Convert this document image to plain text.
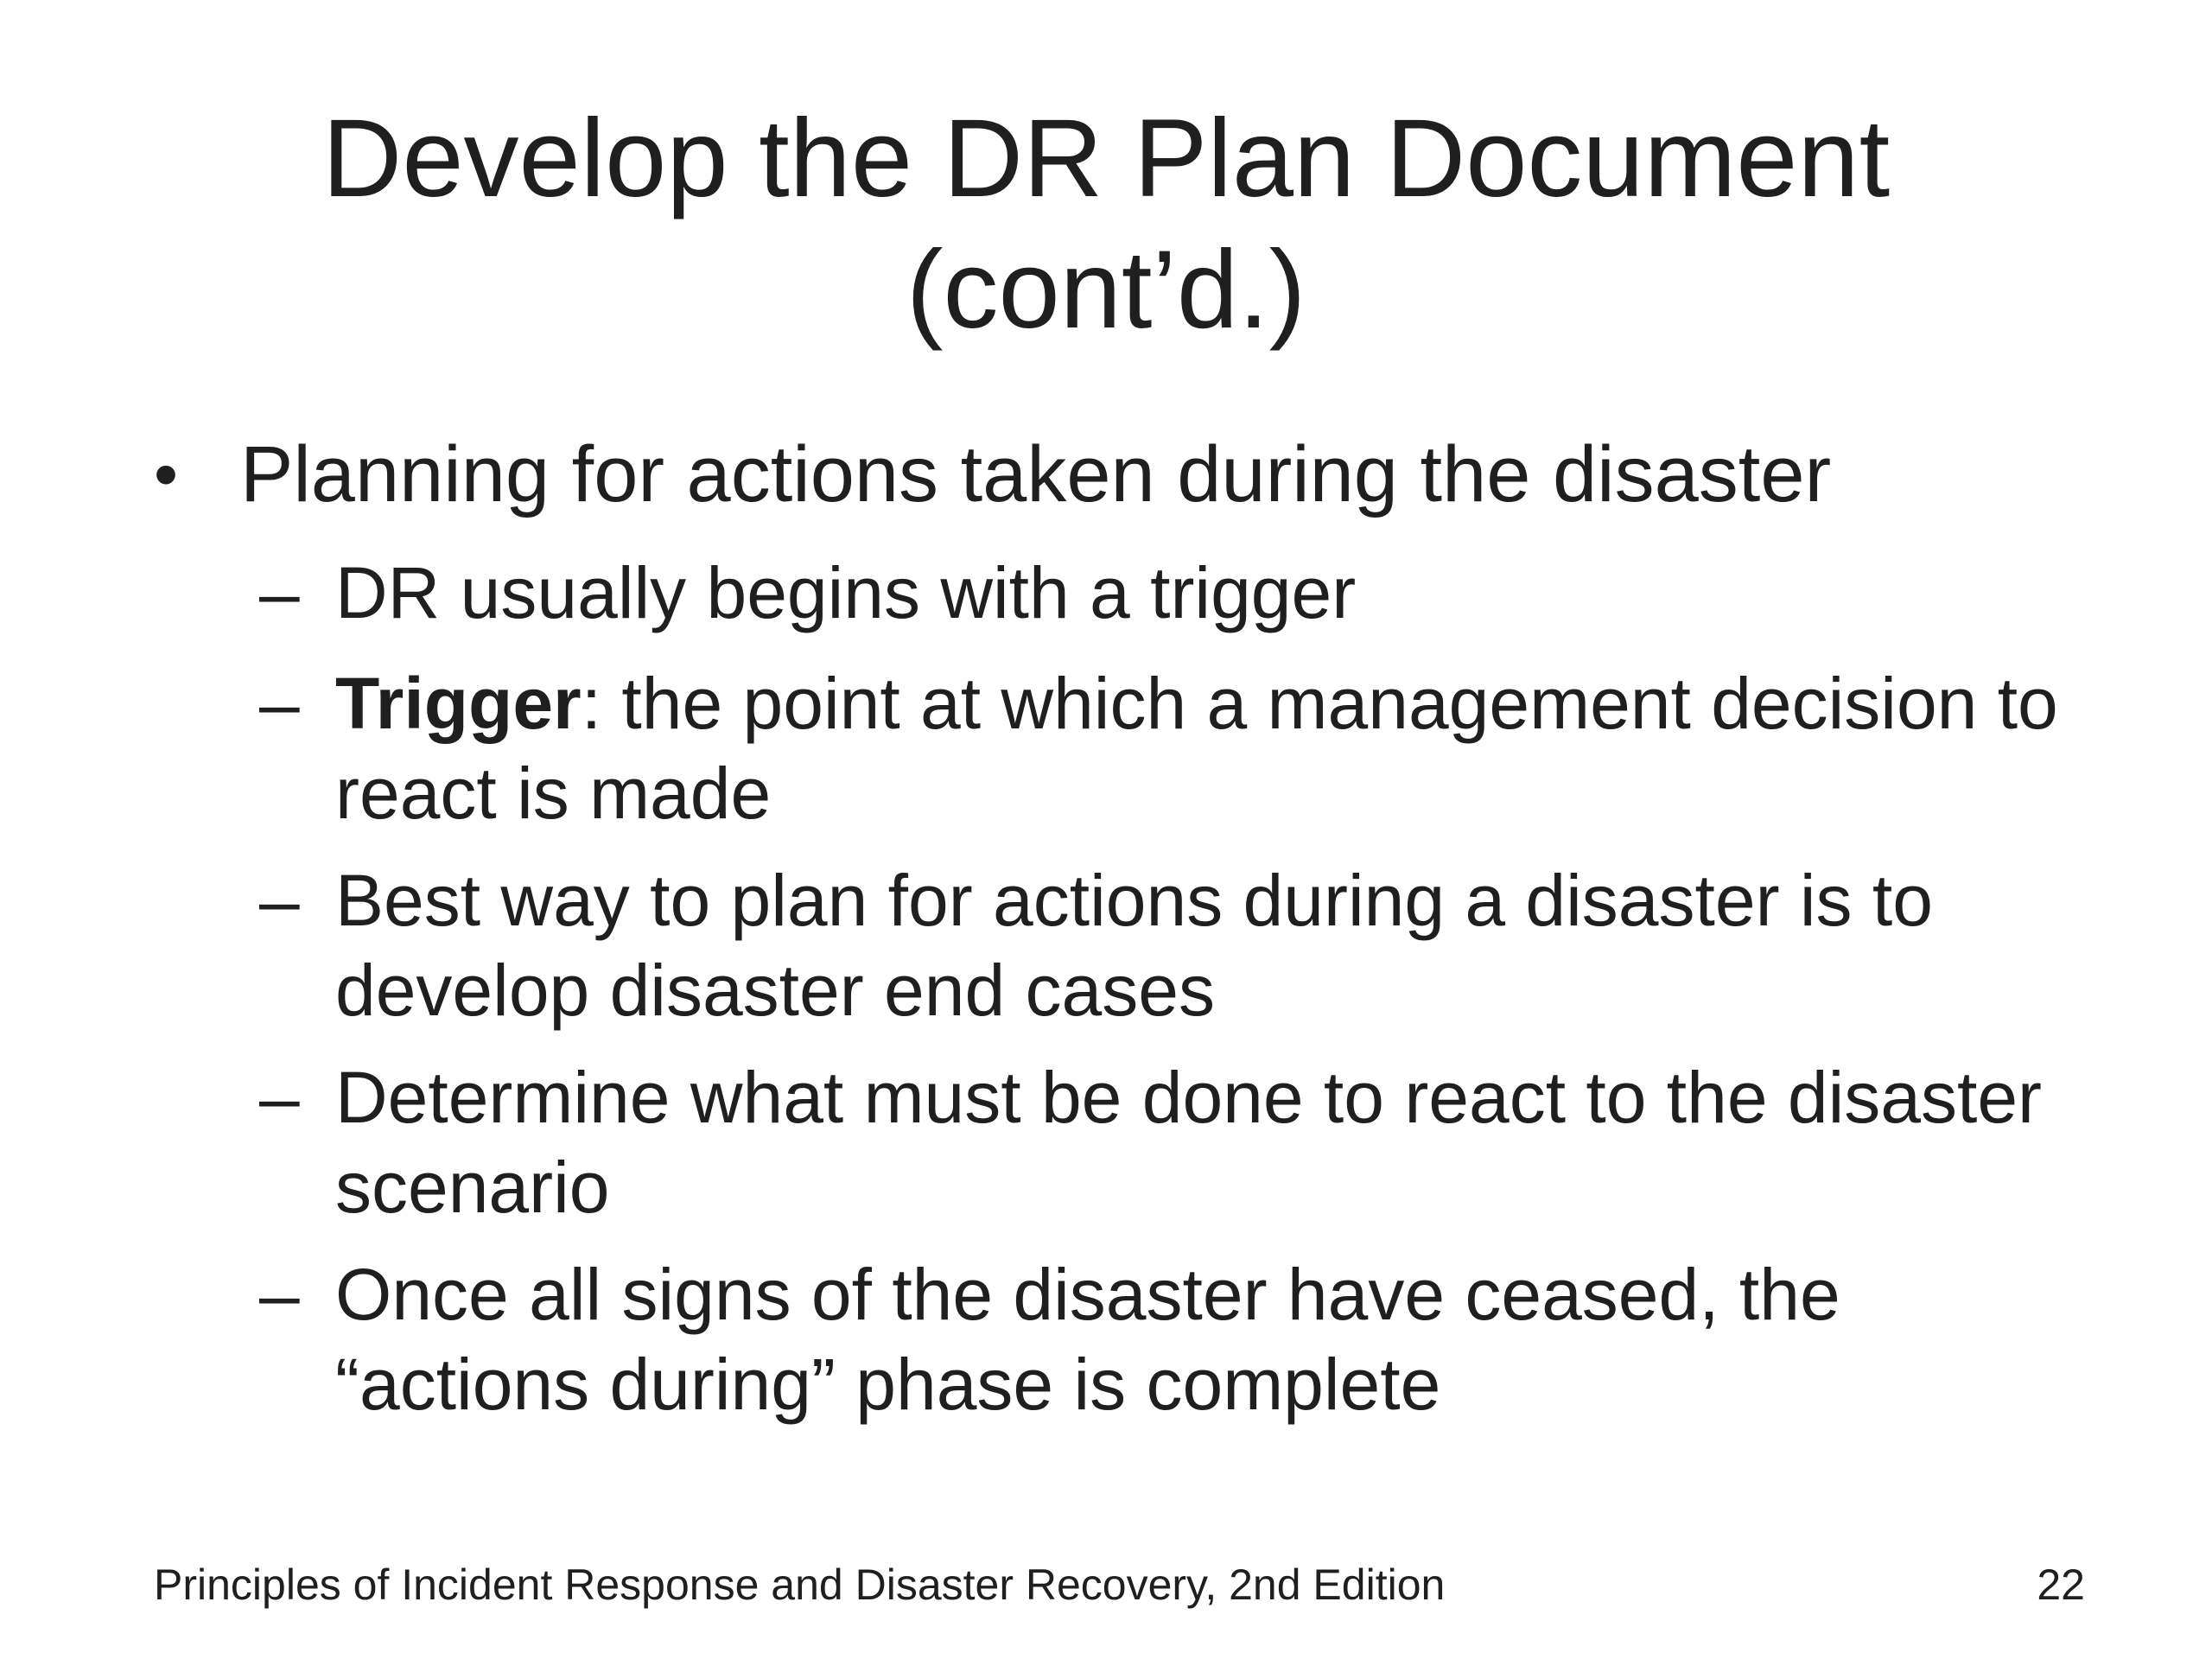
Develop the DR Plan Document
(cont’d.)
• Planning for actions taken during the disaster
– DR usually begins with a trigger
– Trigger: the point at which a management decision to react is made
– Best way to plan for actions during a disaster is to develop disaster end cases
– Determine what must be done to react to the disaster scenario
– Once all signs of the disaster have ceased, the “actions during” phase is complete
Principles of Incident Response and Disaster Recovery, 2nd Edition	22
